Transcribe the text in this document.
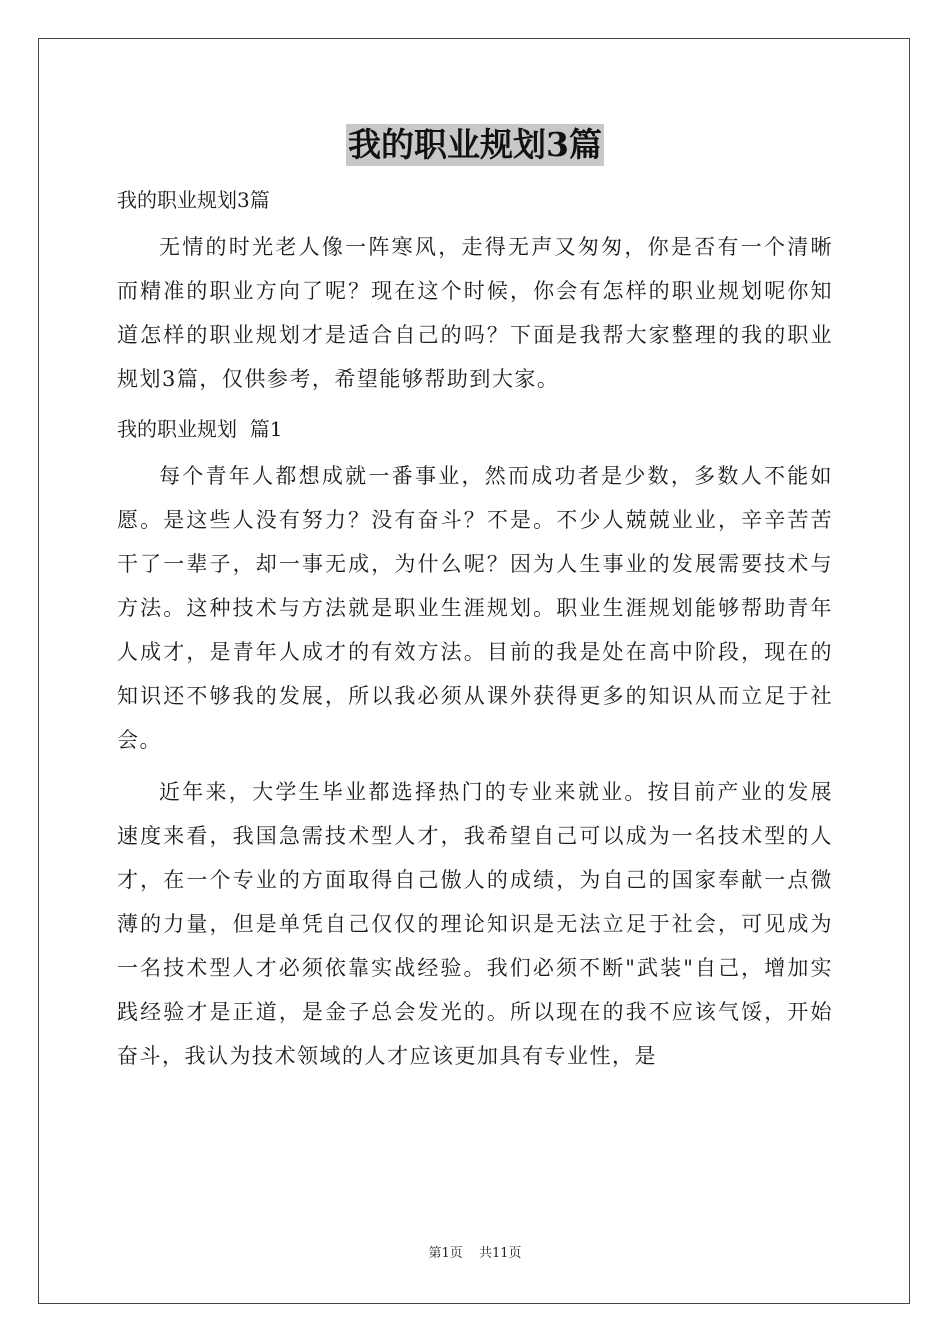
我的职业规划3篇
我的职业规划3篇

无情的时光老人像一阵寒风，走得无声又匆匆，你是否有一个清晰而精准的职业方向了呢？现在这个时候，你会有怎样的职业规划呢你知道怎样的职业规划才是适合自己的吗？下面是我帮大家整理的我的职业规划3篇，仅供参考，希望能够帮助到大家。

我的职业规划  篇1

每个青年人都想成就一番事业，然而成功者是少数，多数人不能如愿。是这些人没有努力？没有奋斗？不是。不少人兢兢业业，辛辛苦苦干了一辈子，却一事无成，为什么呢？因为人生事业的发展需要技术与方法。这种技术与方法就是职业生涯规划。职业生涯规划能够帮助青年人成才，是青年人成才的有效方法。目前的我是处在高中阶段，现在的知识还不够我的发展，所以我必须从课外获得更多的知识从而立足于社会。

近年来，大学生毕业都选择热门的专业来就业。按目前产业的发展速度来看，我国急需技术型人才，我希望自己可以成为一名技术型的人才，在一个专业的方面取得自己傲人的成绩，为自己的国家奉献一点微薄的力量，但是单凭自己仅仅的理论知识是无法立足于社会，可见成为一名技术型人才必须依靠实战经验。我们必须不断"武装"自己，增加实践经验才是正道，是金子总会发光的。所以现在的我不应该气馁，开始奋斗，我认为技术领域的人才应该更加具有专业性，是

第1页 共11页
